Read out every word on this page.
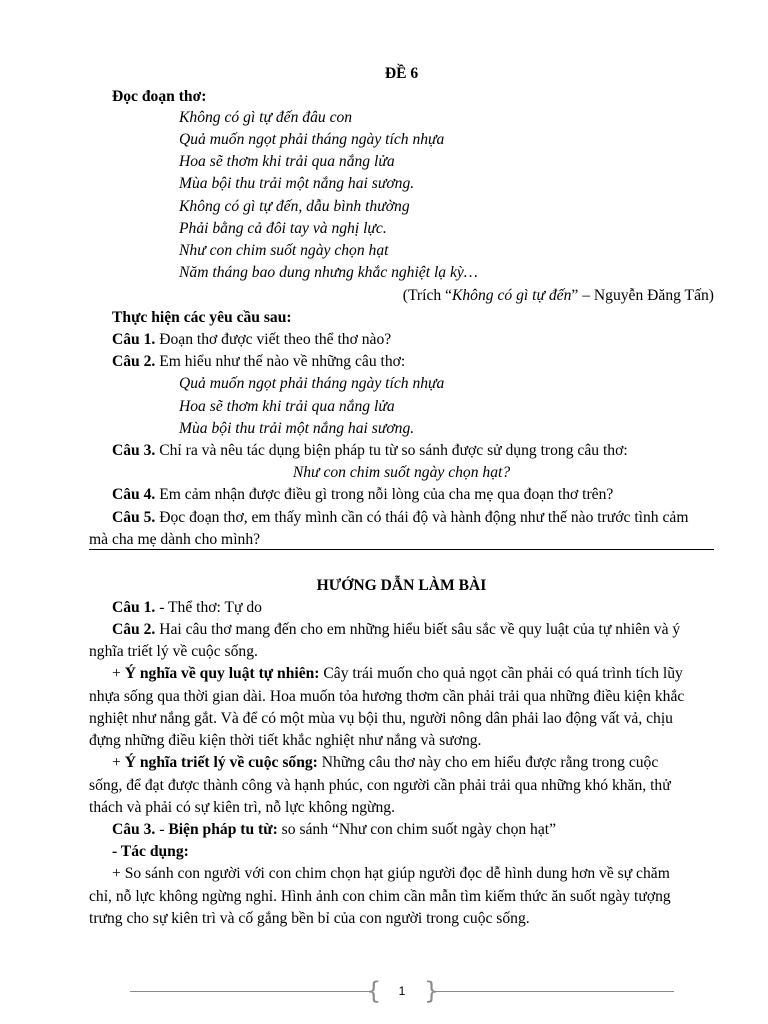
ĐỀ 6
Đọc đoạn thơ:
Không có gì tự đến đâu con
Quả muốn ngọt phải tháng ngày tích nhựa
Hoa sẽ thơm khi trải qua nắng lửa
Mùa bội thu trải một nắng hai sương.
Không có gì tự đến, dẫu bình thường
Phải bằng cả đôi tay và nghị lực.
Như con chim suốt ngày chọn hạt
Năm tháng bao dung nhưng khắc nghiệt lạ kỳ…
(Trích “Không có gì tự đến” – Nguyễn Đăng Tấn)
Thực hiện các yêu cầu sau:
Câu 1. Đoạn thơ được viết theo thể thơ nào?
Câu 2. Em hiểu như thế nào về những câu thơ:
Quả muốn ngọt phải tháng ngày tích nhựa
Hoa sẽ thơm khi trải qua nắng lửa
Mùa bội thu trải một nắng hai sương.
Câu 3. Chỉ ra và nêu tác dụng biện pháp tu từ so sánh được sử dụng trong câu thơ:
Như con chim suốt ngày chọn hạt?
Câu 4. Em cảm nhận được điều gì trong nỗi lòng của cha mẹ qua đoạn thơ trên?
Câu 5. Đọc đoạn thơ, em thấy mình cần có thái độ và hành động như thế nào trước tình cảm
mà cha mẹ dành cho mình?
HƯỚNG DẪN LÀM BÀI
Câu 1. - Thể thơ: Tự do
Câu 2. Hai câu thơ mang đến cho em những hiểu biết sâu sắc về quy luật của tự nhiên và ý
nghĩa triết lý về cuộc sống.
+ Ý nghĩa về quy luật tự nhiên: Cây trái muốn cho quả ngọt cần phải có quá trình tích lũy
nhựa sống qua thời gian dài. Hoa muốn tỏa hương thơm cần phải trải qua những điều kiện khắc
nghiệt như nắng gắt. Và để có một mùa vụ bội thu, người nông dân phải lao động vất vả, chịu
đựng những điều kiện thời tiết khắc nghiệt như nắng và sương.
+ Ý nghĩa triết lý về cuộc sống: Những câu thơ này cho em hiểu được rằng trong cuộc
sống, để đạt được thành công và hạnh phúc, con người cần phải trải qua những khó khăn, thử
thách và phải có sự kiên trì, nỗ lực không ngừng.
Câu 3. - Biện pháp tu từ: so sánh “Như con chim suốt ngày chọn hạt”
- Tác dụng:
+ So sánh con người với con chim chọn hạt giúp người đọc dễ hình dung hơn về sự chăm
chỉ, nỗ lực không ngừng nghỉ. Hình ảnh con chim cần mẫn tìm kiếm thức ăn suốt ngày tượng
trưng cho sự kiên trì và cố gắng bền bỉ của con người trong cuộc sống.
{	1 }
